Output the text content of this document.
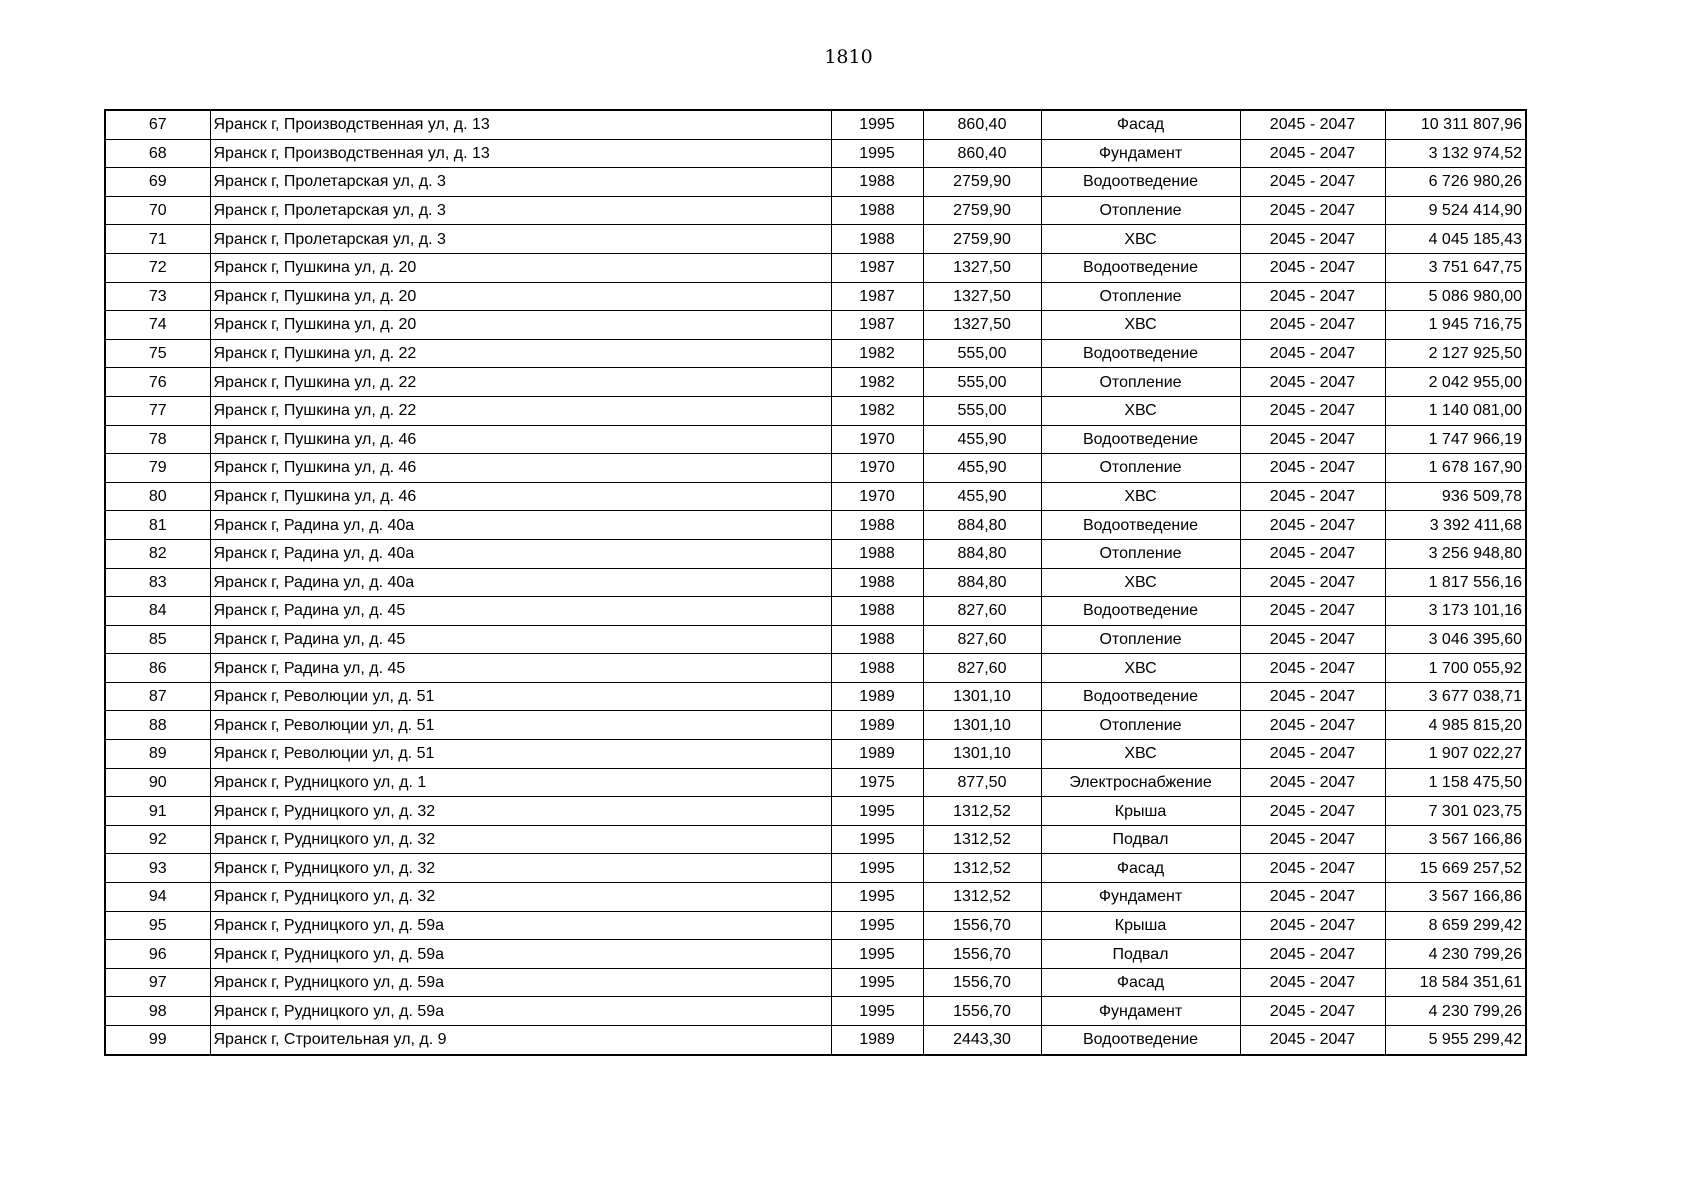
1810
67	Яранск г, Производственная ул, д. 13	1995	860,40	Фасад	2045 - 2047	10 311 807,96
68	Яранск г, Производственная ул, д. 13	1995	860,40	Фундамент	2045 - 2047	3 132 974,52
69	Яранск г, Пролетарская ул, д. 3	1988	2759,90	Водоотведение	2045 - 2047	6 726 980,26
70	Яранск г, Пролетарская ул, д. 3	1988	2759,90	Отопление	2045 - 2047	9 524 414,90
71	Яранск г, Пролетарская ул, д. 3	1988	2759,90	ХВС	2045 - 2047	4 045 185,43
72	Яранск г, Пушкина ул, д. 20	1987	1327,50	Водоотведение	2045 - 2047	3 751 647,75
73	Яранск г, Пушкина ул, д. 20	1987	1327,50	Отопление	2045 - 2047	5 086 980,00
74	Яранск г, Пушкина ул, д. 20	1987	1327,50	ХВС	2045 - 2047	1 945 716,75
75	Яранск г, Пушкина ул, д. 22	1982	555,00	Водоотведение	2045 - 2047	2 127 925,50
76	Яранск г, Пушкина ул, д. 22	1982	555,00	Отопление	2045 - 2047	2 042 955,00
77	Яранск г, Пушкина ул, д. 22	1982	555,00	ХВС	2045 - 2047	1 140 081,00
78	Яранск г, Пушкина ул, д. 46	1970	455,90	Водоотведение	2045 - 2047	1 747 966,19
79	Яранск г, Пушкина ул, д. 46	1970	455,90	Отопление	2045 - 2047	1 678 167,90
80	Яранск г, Пушкина ул, д. 46	1970	455,90	ХВС	2045 - 2047	936 509,78
81	Яранск г, Радина ул, д. 40а	1988	884,80	Водоотведение	2045 - 2047	3 392 411,68
82	Яранск г, Радина ул, д. 40а	1988	884,80	Отопление	2045 - 2047	3 256 948,80
83	Яранск г, Радина ул, д. 40а	1988	884,80	ХВС	2045 - 2047	1 817 556,16
84	Яранск г, Радина ул, д. 45	1988	827,60	Водоотведение	2045 - 2047	3 173 101,16
85	Яранск г, Радина ул, д. 45	1988	827,60	Отопление	2045 - 2047	3 046 395,60
86	Яранск г, Радина ул, д. 45	1988	827,60	ХВС	2045 - 2047	1 700 055,92
87	Яранск г, Революции ул, д. 51	1989	1301,10	Водоотведение	2045 - 2047	3 677 038,71
88	Яранск г, Революции ул, д. 51	1989	1301,10	Отопление	2045 - 2047	4 985 815,20
89	Яранск г, Революции ул, д. 51	1989	1301,10	ХВС	2045 - 2047	1 907 022,27
90	Яранск г, Рудницкого ул, д. 1	1975	877,50	Электроснабжение	2045 - 2047	1 158 475,50
91	Яранск г, Рудницкого ул, д. 32	1995	1312,52	Крыша	2045 - 2047	7 301 023,75
92	Яранск г, Рудницкого ул, д. 32	1995	1312,52	Подвал	2045 - 2047	3 567 166,86
93	Яранск г, Рудницкого ул, д. 32	1995	1312,52	Фасад	2045 - 2047	15 669 257,52
94	Яранск г, Рудницкого ул, д. 32	1995	1312,52	Фундамент	2045 - 2047	3 567 166,86
95	Яранск г, Рудницкого ул, д. 59а	1995	1556,70	Крыша	2045 - 2047	8 659 299,42
96	Яранск г, Рудницкого ул, д. 59а	1995	1556,70	Подвал	2045 - 2047	4 230 799,26
97	Яранск г, Рудницкого ул, д. 59а	1995	1556,70	Фасад	2045 - 2047	18 584 351,61
98	Яранск г, Рудницкого ул, д. 59а	1995	1556,70	Фундамент	2045 - 2047	4 230 799,26
99	Яранск г, Строительная ул, д. 9	1989	2443,30	Водоотведение	2045 - 2047	5 955 299,42
